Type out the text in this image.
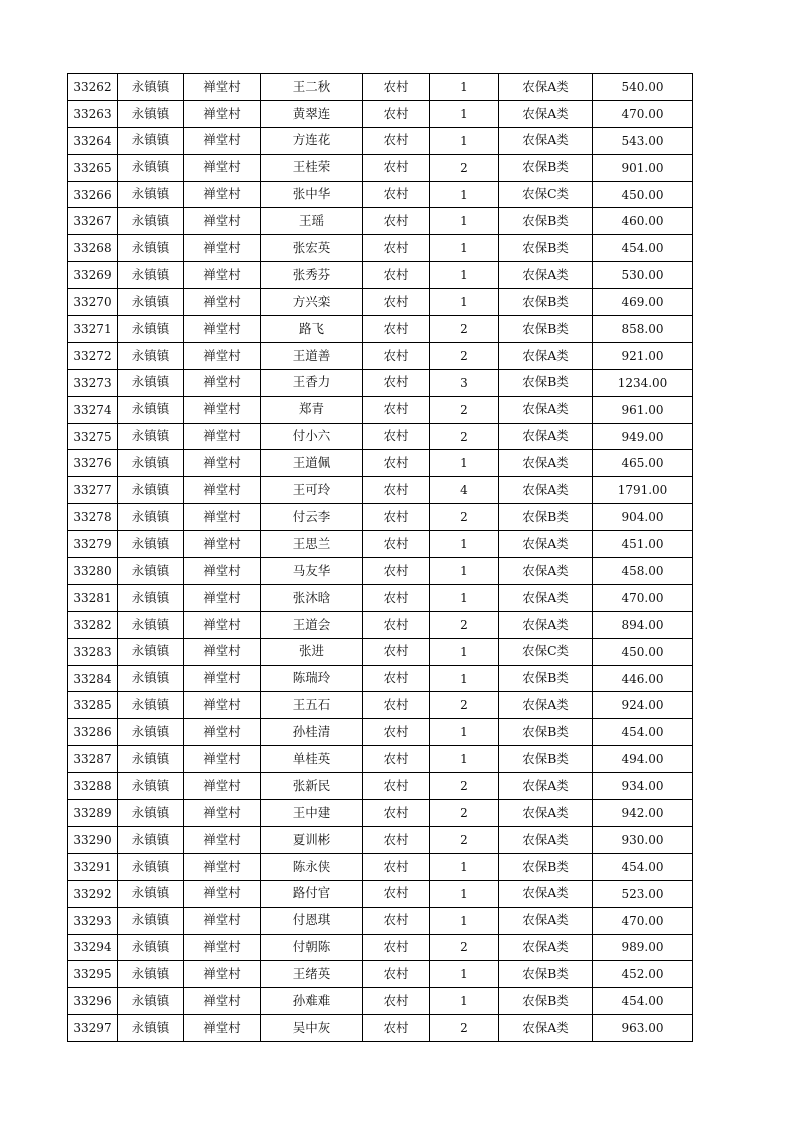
33262	永镇镇	禅堂村	王二秋	农村	1	农保A类	540.00
33263	永镇镇	禅堂村	黄翠连	农村	1	农保A类	470.00
33264	永镇镇	禅堂村	方连花	农村	1	农保A类	543.00
33265	永镇镇	禅堂村	王桂荣	农村	2	农保B类	901.00
33266	永镇镇	禅堂村	张中华	农村	1	农保C类	450.00
33267	永镇镇	禅堂村	王瑶	农村	1	农保B类	460.00
33268	永镇镇	禅堂村	张宏英	农村	1	农保B类	454.00
33269	永镇镇	禅堂村	张秀芬	农村	1	农保A类	530.00
33270	永镇镇	禅堂村	方兴栾	农村	1	农保B类	469.00
33271	永镇镇	禅堂村	路飞	农村	2	农保B类	858.00
33272	永镇镇	禅堂村	王道善	农村	2	农保A类	921.00
33273	永镇镇	禅堂村	王香力	农村	3	农保B类	1234.00
33274	永镇镇	禅堂村	郑青	农村	2	农保A类	961.00
33275	永镇镇	禅堂村	付小六	农村	2	农保A类	949.00
33276	永镇镇	禅堂村	王道佩	农村	1	农保A类	465.00
33277	永镇镇	禅堂村	王可玲	农村	4	农保A类	1791.00
33278	永镇镇	禅堂村	付云李	农村	2	农保B类	904.00
33279	永镇镇	禅堂村	王思兰	农村	1	农保A类	451.00
33280	永镇镇	禅堂村	马友华	农村	1	农保A类	458.00
33281	永镇镇	禅堂村	张沐晗	农村	1	农保A类	470.00
33282	永镇镇	禅堂村	王道会	农村	2	农保A类	894.00
33283	永镇镇	禅堂村	张进	农村	1	农保C类	450.00
33284	永镇镇	禅堂村	陈瑞玲	农村	1	农保B类	446.00
33285	永镇镇	禅堂村	王五石	农村	2	农保A类	924.00
33286	永镇镇	禅堂村	孙桂清	农村	1	农保B类	454.00
33287	永镇镇	禅堂村	单桂英	农村	1	农保B类	494.00
33288	永镇镇	禅堂村	张新民	农村	2	农保A类	934.00
33289	永镇镇	禅堂村	王中建	农村	2	农保A类	942.00
33290	永镇镇	禅堂村	夏训彬	农村	2	农保A类	930.00
33291	永镇镇	禅堂村	陈永侠	农村	1	农保B类	454.00
33292	永镇镇	禅堂村	路付官	农村	1	农保A类	523.00
33293	永镇镇	禅堂村	付恩琪	农村	1	农保A类	470.00
33294	永镇镇	禅堂村	付朝陈	农村	2	农保A类	989.00
33295	永镇镇	禅堂村	王绪英	农村	1	农保B类	452.00
33296	永镇镇	禅堂村	孙难难	农村	1	农保B类	454.00
33297	永镇镇	禅堂村	吴中灰	农村	2	农保A类	963.00
